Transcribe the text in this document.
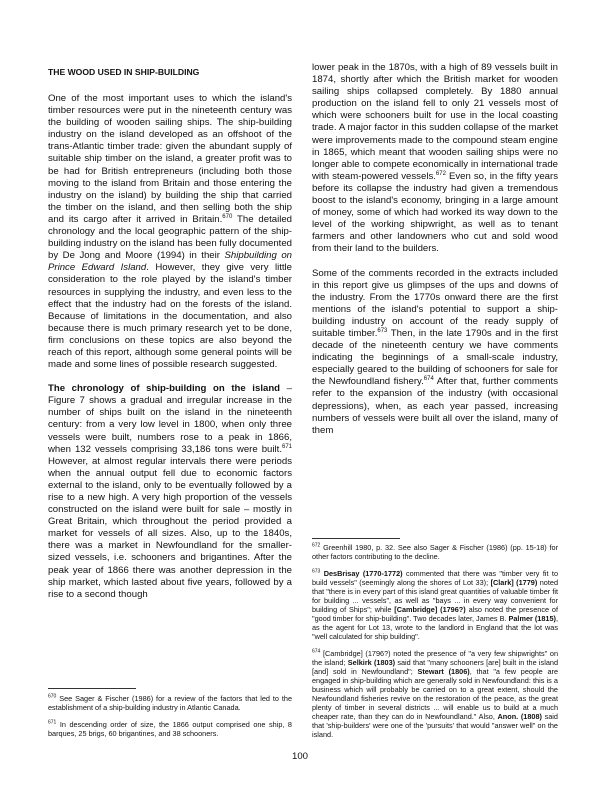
THE WOOD USED IN SHIP-BUILDING

One of the most important uses to which the island's timber resources were put in the nineteenth century was the building of wooden sailing ships. The ship-building industry on the island developed as an offshoot of the trans-Atlantic timber trade: given the abundant supply of suitable ship timber on the island, a greater profit was to be had for British entrepreneurs (including both those moving to the island from Britain and those entering the industry on the island) by building the ship that carried the timber on the island, and then selling both the ship and its cargo after it arrived in Britain.$^{670}$ The detailed chronology and the local geographic pattern of the ship-building industry on the island has been fully documented by De Jong and Moore (1994) in their Shipbuilding on Prince Edward Island. However, they give very little consideration to the role played by the island's timber resources in supplying the industry, and even less to the effect that the industry had on the forests of the island. Because of limitations in the documentation, and also because there is much primary research yet to be done, firm conclusions on these topics are also beyond the reach of this report, although some general points will be made and some lines of possible research suggested.

The chronology of ship-building on the island – Figure 7 shows a gradual and irregular increase in the number of ships built on the island in the nineteenth century: from a very low level in 1800, when only three vessels were built, numbers rose to a peak in 1866, when 132 vessels comprising 33,186 tons were built.$^{671}$ However, at almost regular intervals there were periods when the annual output fell due to economic factors external to the island, only to be eventually followed by a rise to a new high. A very high proportion of the vessels constructed on the island were built for sale – mostly in Great Britain, which throughout the period provided a market for vessels of all sizes. Also, up to the 1840s, there was a market in Newfoundland for the smaller-sized vessels, i.e. schooners and brigantines. After the peak year of 1866 there was another depression in the ship market, which lasted about five years, followed by a rise to a second though

lower peak in the 1870s, with a high of 89 vessels built in 1874, shortly after which the British market for wooden sailing ships collapsed completely. By 1880 annual production on the island fell to only 21 vessels most of which were schooners built for use in the local coasting trade. A major factor in this sudden collapse of the market were improvements made to the compound steam engine in 1865, which meant that wooden sailing ships were no longer able to compete economically in international trade with steam-powered vessels.$^{672}$ Even so, in the fifty years before its collapse the industry had given a tremendous boost to the island's economy, bringing in a large amount of money, some of which had worked its way down to the level of the working shipwright, as well as to tenant farmers and other landowners who cut and sold wood from their land to the builders.

Some of the comments recorded in the extracts included in this report give us glimpses of the ups and downs of the industry. From the 1770s onward there are the first mentions of the island's potential to support a ship-building industry on account of the ready supply of suitable timber.$^{673}$ Then, in the late 1790s and in the first decade of the nineteenth century we have comments indicating the beginnings of a small-scale industry, especially geared to the building of schooners for sale for the Newfoundland fishery.$^{674}$ After that, further comments refer to the expansion of the industry (with occasional depressions), when, as each year passed, increasing numbers of vessels were built all over the island, many of them

$^{670}$ See Sager & Fischer (1986) for a review of the factors that led to the establishment of a ship-building industry in Atlantic Canada.

$^{671}$ In descending order of size, the 1866 output comprised one ship, 8 barques, 25 brigs, 60 brigantines, and 38 schooners.

$^{672}$ Greenhill 1980, p. 32. See also Sager & Fischer (1986) (pp. 15-18) for other factors contributing to the decline.

$^{673}$ DesBrisay (1770-1772) commented that there was "timber very fit to build vessels" (seemingly along the shores of Lot 33); [Clark] (1779) noted that "there is in every part of this island great quantities of valuable timber fit for building ... vessels", as well as "bays ... in every way convenient for building of Ships"; while [Cambridge] (1796?) also noted the presence of "good timber for ship-building". Two decades later, James B. Palmer (1815), as the agent for Lot 13, wrote to the landlord in England that the lot was "well calculated for ship building".

$^{674}$ [Cambridge] (1796?) noted the presence of "a very few shipwrights" on the island; Selkirk (1803) said that "many schooners [are] built in the island [and] sold in Newfoundland"; Stewart (1806), that "a few people are engaged in ship-building which are generally sold in Newfoundland: this is a business which will probably be carried on to a great extent, should the Newfoundland fisheries revive on the restoration of the peace, as the great plenty of timber in several districts ... will enable us to build at a much cheaper rate, than they can do in Newfoundland." Also, Anon. (1808) said that 'ship-builders' were one of the 'pursuits' that would "answer well" on the island.

100
